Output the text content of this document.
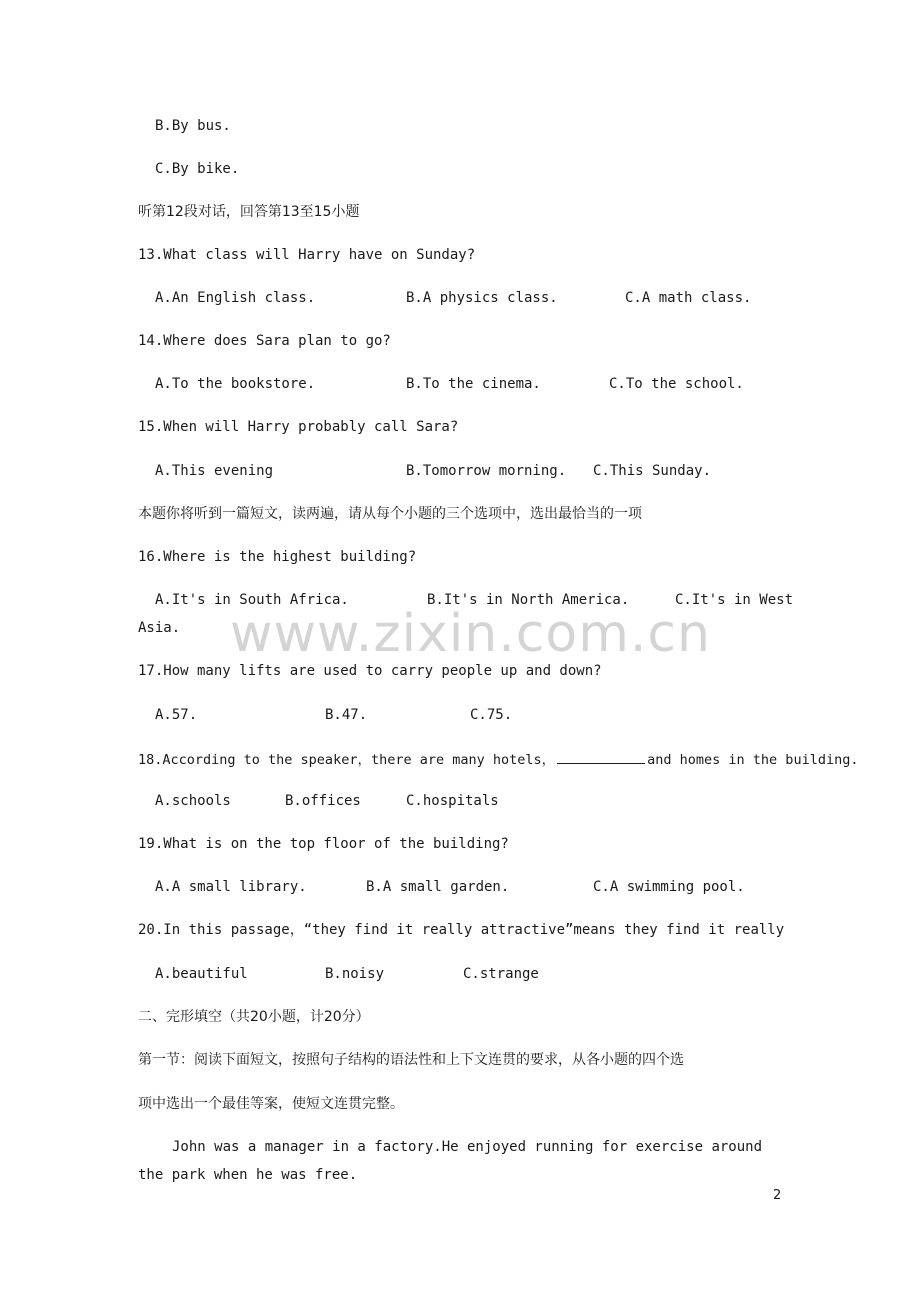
www.zixin.com.cn
B.By bus.
C.By bike.
听第12段对话，回答第13至15小题
13.What class will Harry have on Sunday?
A.An English class.	B.A physics class.	C.A math class.
14.Where does Sara plan to go?
A.To the bookstore.	B.To the cinema.	C.To the school.
15.When will Harry probably call Sara?
A.This evening	B.Tomorrow morning. C.This Sunday.
本题你将听到一篇短文，读两遍，请从每个小题的三个选项中，选出最恰当的一项
16.Where is the highest building?
A.It's in South Africa.	B.It's in North America.	C.It's in West
Asia.
17.How many lifts are used to carry people up and down?
A.57.	B.47.	C.75.
18.According to the speaker，there are many hotels，	and homes in the building.
A.schools	B.offices	C.hospitals
19.What is on the top floor of the building?
A.A small library.	B.A small garden.	C.A swimming pool.
20.In this passage，“they find it really attractive”means they find it really
A.beautiful	B.noisy	C.strange
二、完形填空（共20小题，计20分）
第一节：阅读下面短文，按照句子结构的语法性和上下文连贯的要求，从各小题的四个选
项中选出一个最佳等案，使短文连贯完整。
John was a manager in a factory.He enjoyed running for exercise around the park when he was free.
2
